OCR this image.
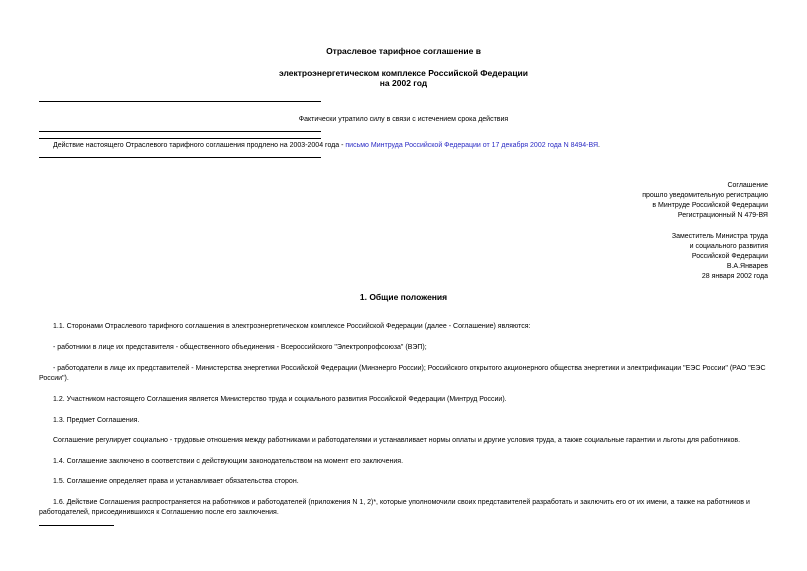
Отраслевое тарифное соглашение в
электроэнергетическом комплексе Российской Федерации
на 2002 год
Фактически утратило силу в связи с истечением срока действия
Действие настоящего Отраслевого тарифного соглашения продлено на 2003-2004 года - письмо Минтруда Российской Федерации от 17 декабря 2002 года N 8494-ВЯ.
Соглашение
прошло уведомительную регистрацию
в Минтруде Российской Федерации
Регистрационный N 479-ВЯ
Заместитель Министра труда
и социального развития
Российской Федерации
В.А.Январев
28 января 2002 года
1. Общие положения
1.1. Сторонами Отраслевого тарифного соглашения в электроэнергетическом комплексе Российской Федерации (далее - Соглашение) являются:
- работники в лице их представителя - общественного объединения - Всероссийского "Электропрофсоюза" (ВЭП);
- работодатели в лице их представителей - Министерства энергетики Российской Федерации (Минэнерго России); Российского открытого акционерного общества энергетики и электрификации "ЕЭС России" (РАО "ЕЭС России").
1.2. Участником настоящего Соглашения является Министерство труда и социального развития Российской Федерации (Минтруд России).
1.3. Предмет Соглашения.
Соглашение регулирует социально - трудовые отношения между работниками и работодателями и устанавливает нормы оплаты и другие условия труда, а также социальные гарантии и льготы для работников.
1.4. Соглашение заключено в соответствии с действующим законодательством на момент его заключения.
1.5. Соглашение определяет права и устанавливает обязательства сторон.
1.6. Действие Соглашения распространяется на работников и работодателей (приложения N 1, 2)*, которые уполномочили своих представителей разработать и заключить его от их имени, а также на работников и работодателей, присоединившихся к Соглашению после его заключения.
